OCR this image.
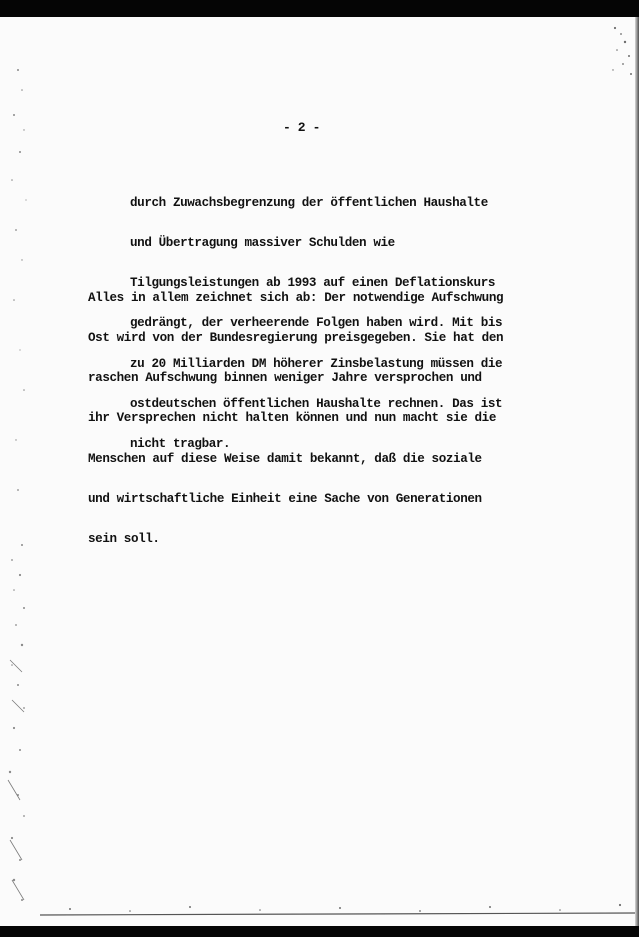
- 2 -

durch Zuwachsbegrenzung der öffentlichen Haushalte

und Übertragung massiver Schulden wie

Tilgungsleistungen ab 1993 auf einen Deflationskurs

gedrängt, der verheerende Folgen haben wird. Mit bis

zu 20 Milliarden DM höherer Zinsbelastung müssen die

ostdeutschen öffentlichen Haushalte rechnen. Das ist

nicht tragbar.

Alles in allem zeichnet sich ab: Der notwendige Aufschwung

Ost wird von der Bundesregierung preisgegeben. Sie hat den

raschen Aufschwung binnen weniger Jahre versprochen und

ihr Versprechen nicht halten können und nun macht sie die

Menschen auf diese Weise damit bekannt, daß die soziale

und wirtschaftliche Einheit eine Sache von Generationen

sein soll.
